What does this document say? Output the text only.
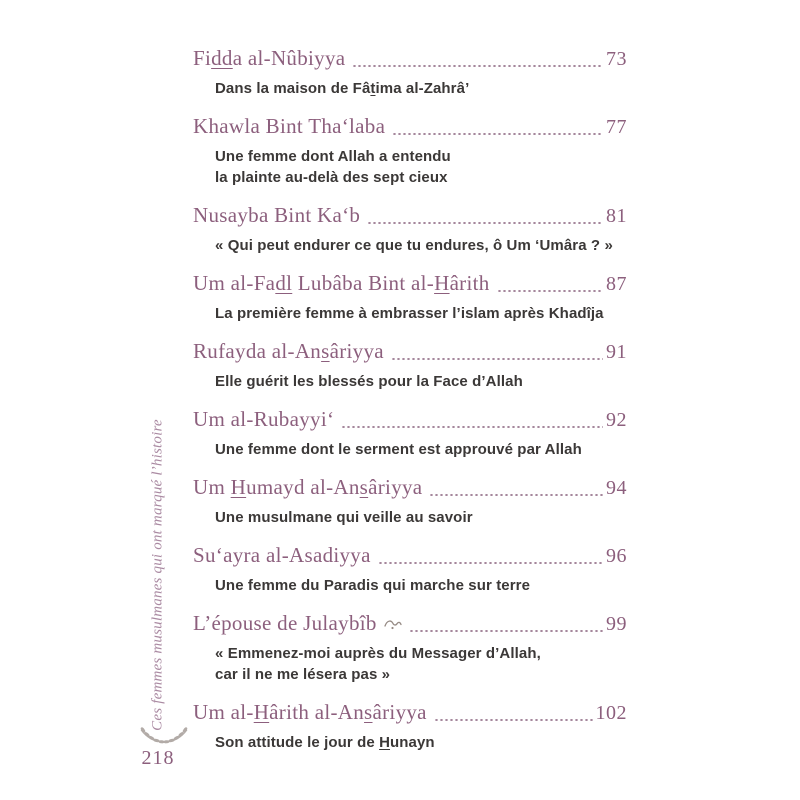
Ces femmes musulmanes qui ont marqué l’histoire
218
Fidda al-Nûbiyya	73
Dans la maison de Fâtima al-Zahrâ’
Khawla Bint Tha‘laba	77
Une femme dont Allah a entendu
la plainte au-delà des sept cieux
Nusayba Bint Ka‘b	81
« Qui peut endurer ce que tu endures, ô Um ‘Umâra ? »
Um al-Fadl Lubâba Bint al-Hârith	87
La première femme à embrasser l’islam après Khadîja
Rufayda al-Ansâriyya	91
Elle guérit les blessés pour la Face d’Allah
Um al-Rubayyi‘	92
Une femme dont le serment est approuvé par Allah
Um Humayd al-Ansâriyya	94
Une musulmane qui veille au savoir
Su‘ayra al-Asadiyya	96
Une femme du Paradis qui marche sur terre
L’épouse de Julaybîb	99
« Emmenez-moi auprès du Messager d’Allah,
car il ne me lésera pas »
Um al-Hârith al-Ansâriyya	102
Son attitude le jour de Hunayn
